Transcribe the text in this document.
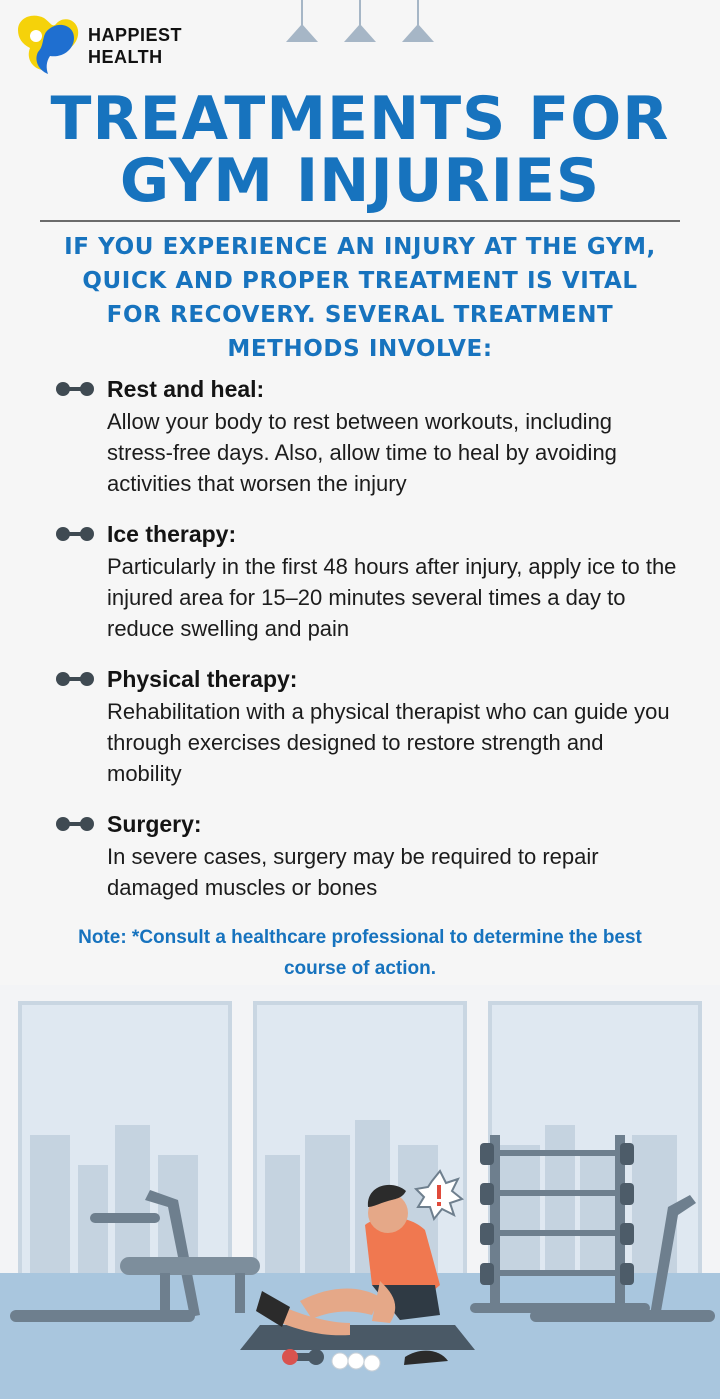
HAPPIEST
HEALTH
TREATMENTS FOR
GYM INJURIES
IF YOU EXPERIENCE AN INJURY AT THE GYM, QUICK AND PROPER TREATMENT IS VITAL FOR RECOVERY. SEVERAL TREATMENT METHODS INVOLVE:
Rest and heal:
Allow your body to rest between workouts, including stress-free days. Also, allow time to heal by avoiding activities that worsen the injury
Ice therapy:
Particularly in the first 48 hours after injury, apply ice to the injured area for 15–20 minutes several times a day to reduce swelling and pain
Physical therapy:
Rehabilitation with a physical therapist who can guide you through exercises designed to restore strength and mobility
Surgery:
In severe cases, surgery may be required to repair damaged muscles or bones
Note: *Consult a healthcare professional to determine the best course of action.
